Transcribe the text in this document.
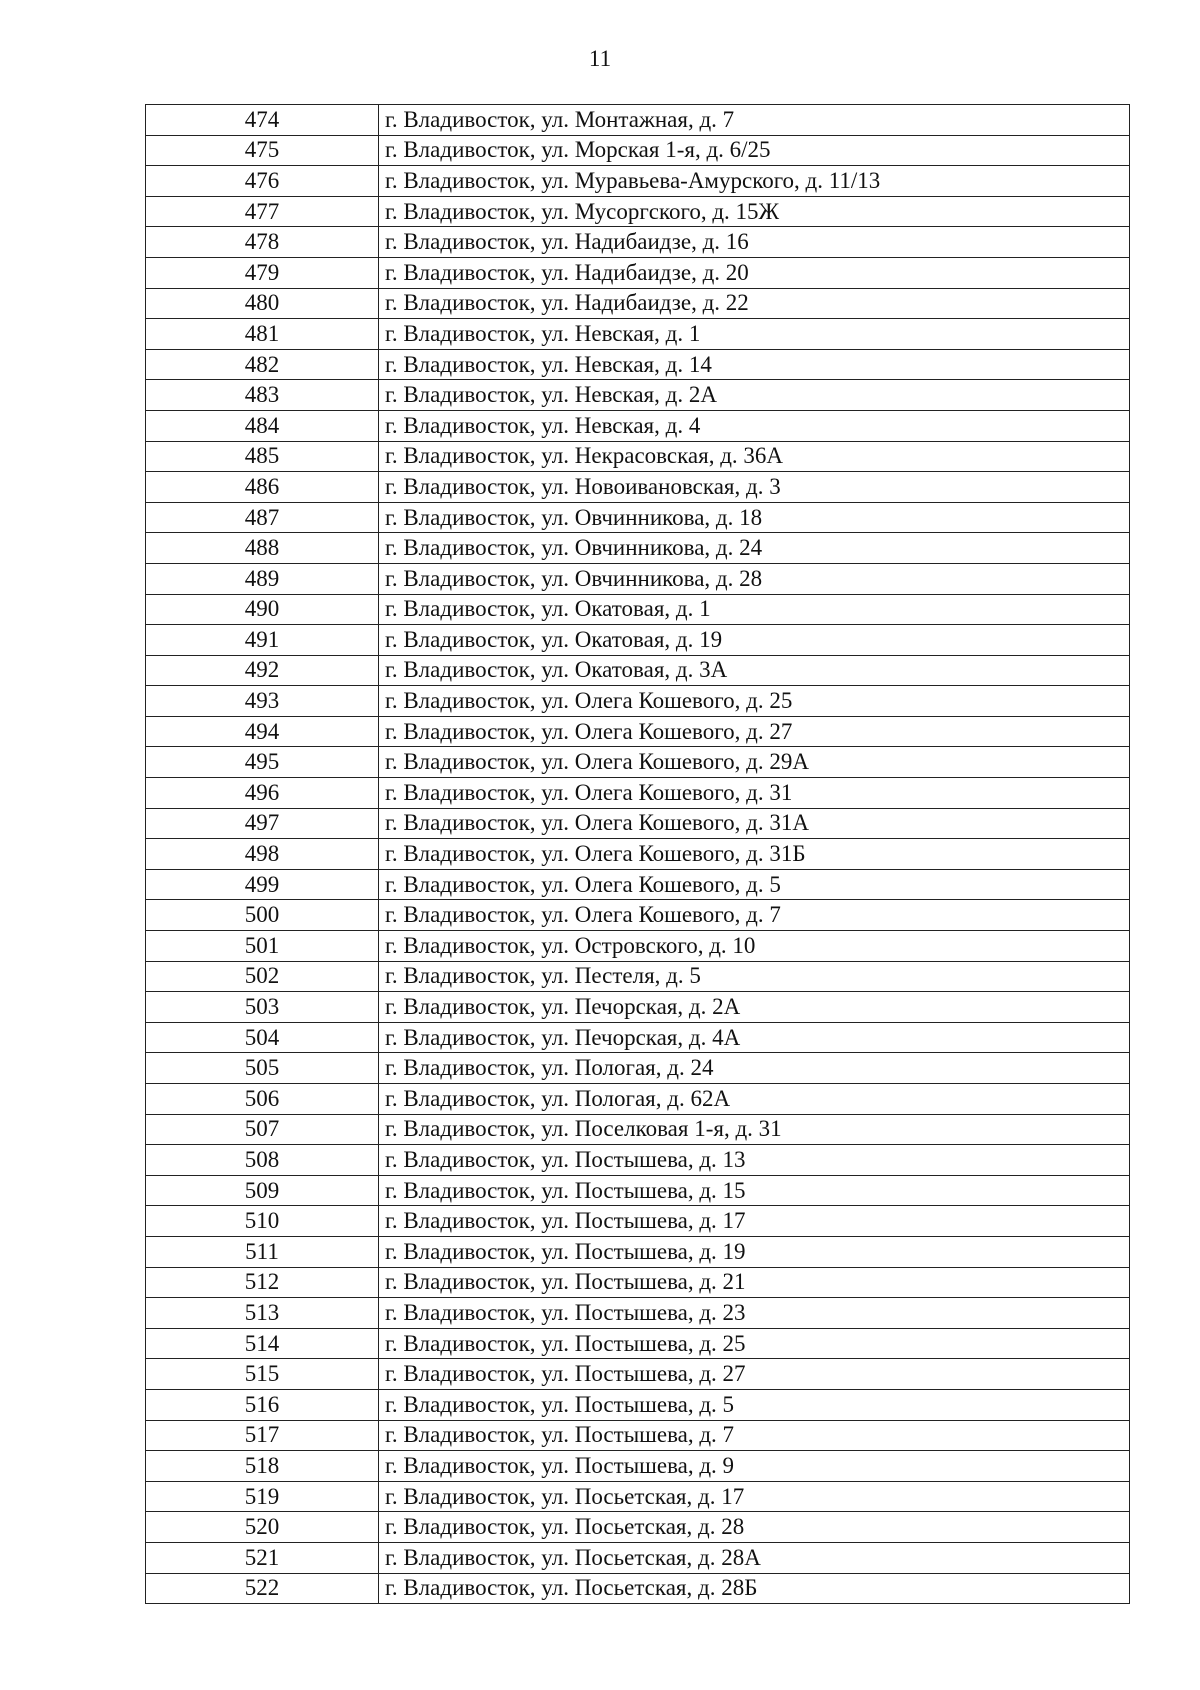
11
474	г. Владивосток, ул. Монтажная, д. 7
475	г. Владивосток, ул. Морская 1-я, д. 6/25
476	г. Владивосток, ул. Муравьева-Амурского, д. 11/13
477	г. Владивосток, ул. Мусоргского, д. 15Ж
478	г. Владивосток, ул. Надибаидзе, д. 16
479	г. Владивосток, ул. Надибаидзе, д. 20
480	г. Владивосток, ул. Надибаидзе, д. 22
481	г. Владивосток, ул. Невская, д. 1
482	г. Владивосток, ул. Невская, д. 14
483	г. Владивосток, ул. Невская, д. 2А
484	г. Владивосток, ул. Невская, д. 4
485	г. Владивосток, ул. Некрасовская, д. 36А
486	г. Владивосток, ул. Новоивановская, д. 3
487	г. Владивосток, ул. Овчинникова, д. 18
488	г. Владивосток, ул. Овчинникова, д. 24
489	г. Владивосток, ул. Овчинникова, д. 28
490	г. Владивосток, ул. Окатовая, д. 1
491	г. Владивосток, ул. Окатовая, д. 19
492	г. Владивосток, ул. Окатовая, д. 3А
493	г. Владивосток, ул. Олега Кошевого, д. 25
494	г. Владивосток, ул. Олега Кошевого, д. 27
495	г. Владивосток, ул. Олега Кошевого, д. 29А
496	г. Владивосток, ул. Олега Кошевого, д. 31
497	г. Владивосток, ул. Олега Кошевого, д. 31А
498	г. Владивосток, ул. Олега Кошевого, д. 31Б
499	г. Владивосток, ул. Олега Кошевого, д. 5
500	г. Владивосток, ул. Олега Кошевого, д. 7
501	г. Владивосток, ул. Островского, д. 10
502	г. Владивосток, ул. Пестеля, д. 5
503	г. Владивосток, ул. Печорская, д. 2А
504	г. Владивосток, ул. Печорская, д. 4А
505	г. Владивосток, ул. Пологая, д. 24
506	г. Владивосток, ул. Пологая, д. 62А
507	г. Владивосток, ул. Поселковая 1-я, д. 31
508	г. Владивосток, ул. Постышева, д. 13
509	г. Владивосток, ул. Постышева, д. 15
510	г. Владивосток, ул. Постышева, д. 17
511	г. Владивосток, ул. Постышева, д. 19
512	г. Владивосток, ул. Постышева, д. 21
513	г. Владивосток, ул. Постышева, д. 23
514	г. Владивосток, ул. Постышева, д. 25
515	г. Владивосток, ул. Постышева, д. 27
516	г. Владивосток, ул. Постышева, д. 5
517	г. Владивосток, ул. Постышева, д. 7
518	г. Владивосток, ул. Постышева, д. 9
519	г. Владивосток, ул. Посьетская, д. 17
520	г. Владивосток, ул. Посьетская, д. 28
521	г. Владивосток, ул. Посьетская, д. 28А
522	г. Владивосток, ул. Посьетская, д. 28Б
